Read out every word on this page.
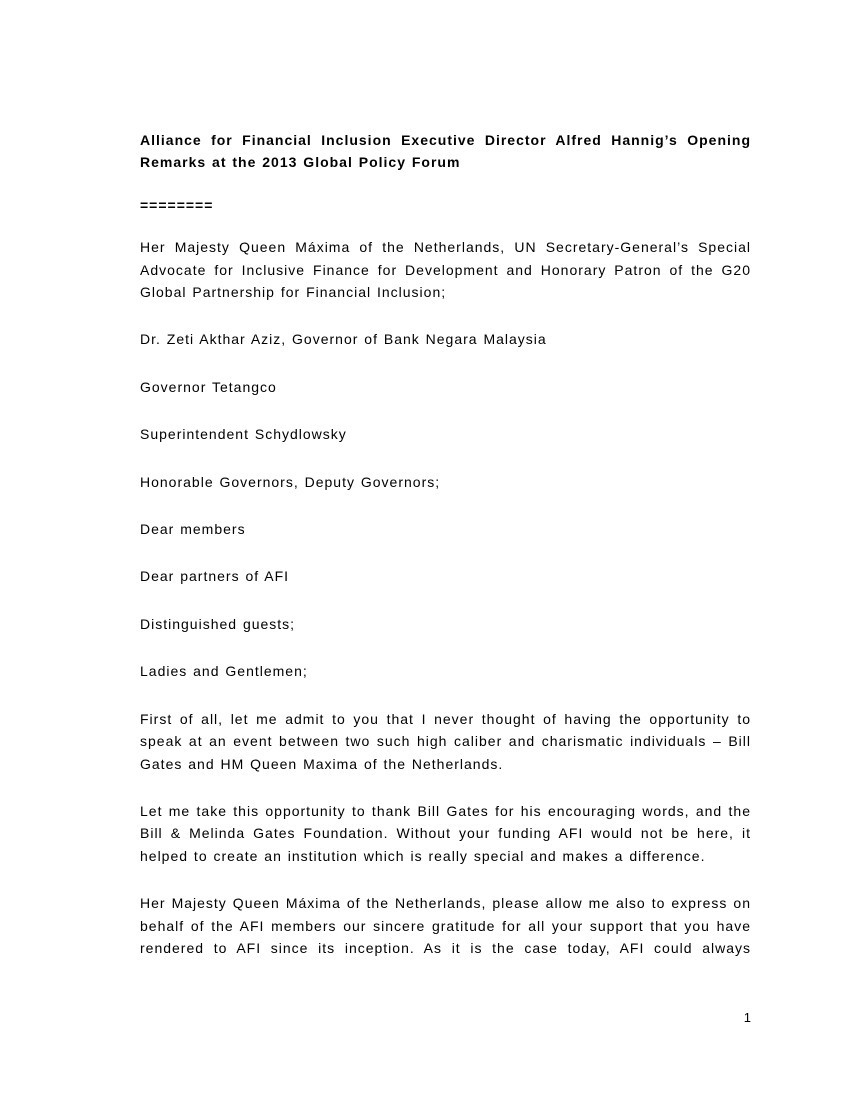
Alliance for Financial Inclusion Executive Director Alfred Hannig’s Opening Remarks at the 2013 Global Policy Forum

========

Her Majesty Queen Máxima of the Netherlands, UN Secretary-General’s Special Advocate for Inclusive Finance for Development and Honorary Patron of the G20 Global Partnership for Financial Inclusion;

Dr. Zeti Akthar Aziz, Governor of Bank Negara Malaysia

Governor Tetangco

Superintendent Schydlowsky

Honorable Governors, Deputy Governors;

Dear members

Dear partners of AFI

Distinguished guests;

Ladies and Gentlemen;

First of all, let me admit to you that I never thought of having the opportunity to speak at an event between two such high caliber and charismatic individuals – Bill Gates and HM Queen Maxima of the Netherlands.

Let me take this opportunity to thank Bill Gates for his encouraging words, and the Bill & Melinda Gates Foundation. Without your funding AFI would not be here, it helped to create an institution which is really special and makes a difference.

Her Majesty Queen Máxima of the Netherlands, please allow me also to express on behalf of the AFI members our sincere gratitude for all your support that you have rendered to AFI since its inception. As it is the case today, AFI could always

1
